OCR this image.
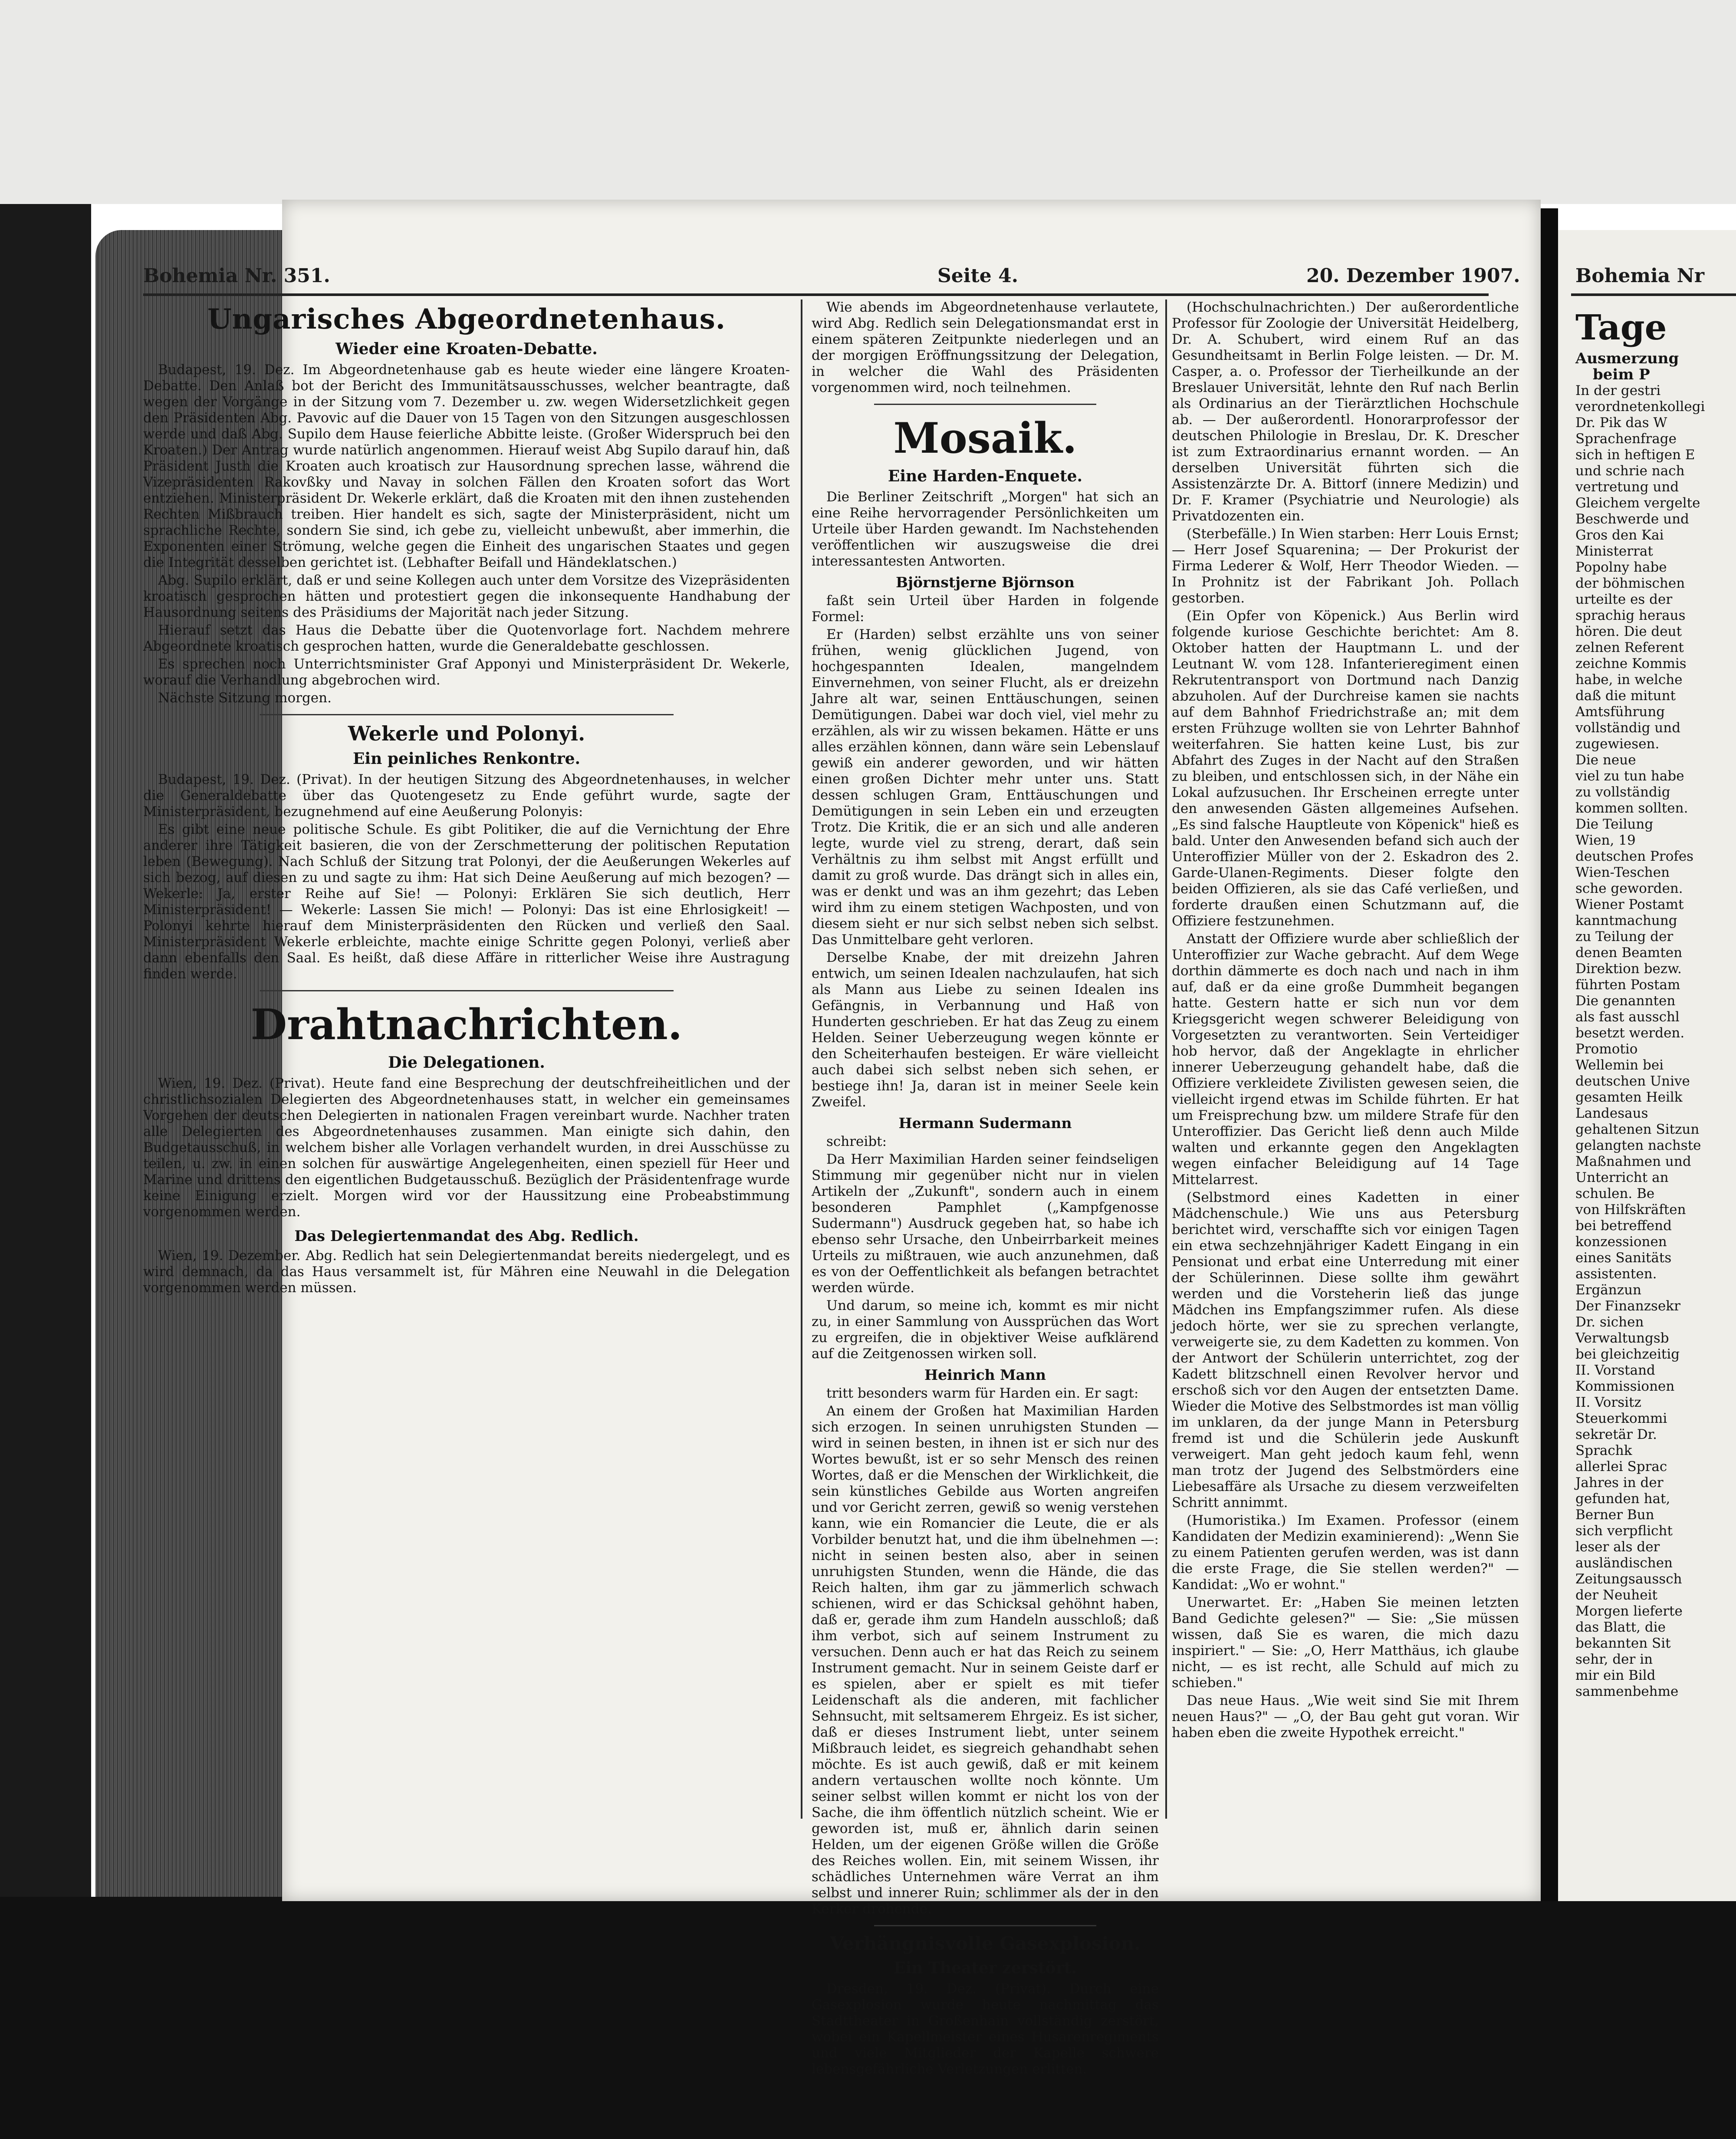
Bohemia Nr. 351.	Seite 4.	20. Dezember 1907.
Ungarisches Abgeordnetenhaus.
Wieder eine Kroaten-Debatte.

Budapest, 19. Dez. Im Abgeordnetenhause gab es heute wieder eine längere Kroaten-Debatte. Den Anlaß bot der Bericht des Immunitätsausschusses, welcher beantragte, daß wegen der Vorgänge in der Sitzung vom 7. Dezember u. zw. wegen Widersetzlichkeit gegen den Präsidenten Abg. Pavovic auf die Dauer von 15 Tagen von den Sitzungen ausgeschlossen werde und daß Abg. Supilo dem Hause feierliche Abbitte leiste. (Großer Widerspruch bei den Kroaten.) Der Antrag wurde natürlich angenommen. Hierauf weist Abg Supilo darauf hin, daß Präsident Justh die Kroaten auch kroatisch zur Hausordnung sprechen lasse, während die Vizepräsidenten Rakovßky und Navay in solchen Fällen den Kroaten sofort das Wort entziehen. Ministerpräsident Dr. Wekerle erklärt, daß die Kroaten mit den ihnen zustehenden Rechten Mißbrauch treiben. Hier handelt es sich, sagte der Ministerpräsident, nicht um sprachliche Rechte, sondern Sie sind, ich gebe zu, vielleicht unbewußt, aber immerhin, die Exponenten einer Strömung, welche gegen die Einheit des ungarischen Staates und gegen die Integrität desselben gerichtet ist. (Lebhafter Beifall und Händeklatschen.)

Abg. Supilo erklärt, daß er und seine Kollegen auch unter dem Vorsitze des Vizepräsidenten kroatisch gesprochen hätten und protestiert gegen die inkonsequente Handhabung der Hausordnung seitens des Präsidiums der Majorität nach jeder Sitzung.

Hierauf setzt das Haus die Debatte über die Quotenvorlage fort. Nachdem mehrere Abgeordnete kroatisch gesprochen hatten, wurde die Generaldebatte geschlossen.

Es sprechen noch Unterrichtsminister Graf Apponyi und Ministerpräsident Dr. Wekerle, worauf die Verhandlung abgebrochen wird.

Nächste Sitzung morgen.

Wekerle und Polonyi.
Ein peinliches Renkontre.

Budapest, 19. Dez. (Privat). In der heutigen Sitzung des Abgeordnetenhauses, in welcher die Generaldebatte über das Quotengesetz zu Ende geführt wurde, sagte der Ministerpräsident, bezugnehmend auf eine Aeußerung Polonyis:

Es gibt eine neue politische Schule. Es gibt Politiker, die auf die Vernichtung der Ehre anderer ihre Tätigkeit basieren, die von der Zerschmetterung der politischen Reputation leben (Bewegung). Nach Schluß der Sitzung trat Polonyi, der die Aeußerungen Wekerles auf sich bezog, auf diesen zu und sagte zu ihm: Hat sich Deine Aeußerung auf mich bezogen? — Wekerle: Ja, erster Reihe auf Sie! — Polonyi: Erklären Sie sich deutlich, Herr Ministerpräsident! — Wekerle: Lassen Sie mich! — Polonyi: Das ist eine Ehrlosigkeit! — Polonyi kehrte hierauf dem Ministerpräsidenten den Rücken und verließ den Saal. Ministerpräsident Wekerle erbleichte, machte einige Schritte gegen Polonyi, verließ aber dann ebenfalls den Saal. Es heißt, daß diese Affäre in ritterlicher Weise ihre Austragung finden werde.

Drahtnachrichten.
Die Delegationen.

Wien, 19. Dez. (Privat). Heute fand eine Besprechung der deutschfreiheitlichen und der christlichsozialen Delegierten des Abgeordnetenhauses statt, in welcher ein gemeinsames Vorgehen der deutschen Delegierten in nationalen Fragen vereinbart wurde. Nachher traten alle Delegierten des Abgeordnetenhauses zusammen. Man einigte sich dahin, den Budgetausschuß, in welchem bisher alle Vorlagen verhandelt wurden, in drei Ausschüsse zu teilen, u. zw. in einen solchen für auswärtige Angelegenheiten, einen speziell für Heer und Marine und drittens den eigentlichen Budgetausschuß. Bezüglich der Präsidentenfrage wurde keine Einigung erzielt. Morgen wird vor der Haussitzung eine Probeabstimmung vorgenommen werden.

Das Delegiertenmandat des Abg. Redlich.

Wien, 19. Dezember. Abg. Redlich hat sein Delegiertenmandat bereits niedergelegt, und es wird demnach, da das Haus versammelt ist, für Mähren eine Neuwahl in die Delegation vorgenommen werden müssen.

Wie abends im Abgeordnetenhause verlautete, wird Abg. Redlich sein Delegationsmandat erst in einem späteren Zeitpunkte niederlegen und an der morgigen Eröffnungssitzung der Delegation, in welcher die Wahl des Präsidenten vorgenommen wird, noch teilnehmen.

Mosaik.
Eine Harden-Enquete.

Die Berliner Zeitschrift „Morgen" hat sich an eine Reihe hervorragender Persönlichkeiten um Urteile über Harden gewandt. Im Nachstehenden veröffentlichen wir auszugsweise die drei interessantesten Antworten.

Björnstjerne Björnson

faßt sein Urteil über Harden in folgende Formel:

Er (Harden) selbst erzählte uns von seiner frühen, wenig glücklichen Jugend, von hochgespannten Idealen, mangelndem Einvernehmen, von seiner Flucht, als er dreizehn Jahre alt war, seinen Enttäuschungen, seinen Demütigungen. Dabei war doch viel, viel mehr zu erzählen, als wir zu wissen bekamen. Hätte er uns alles erzählen können, dann wäre sein Lebenslauf gewiß ein anderer geworden, und wir hätten einen großen Dichter mehr unter uns. Statt dessen schlugen Gram, Enttäuschungen und Demütigungen in sein Leben ein und erzeugten Trotz. Die Kritik, die er an sich und alle anderen legte, wurde viel zu streng, derart, daß sein Verhältnis zu ihm selbst mit Angst erfüllt und damit zu groß wurde. Das drängt sich in alles ein, was er denkt und was an ihm gezehrt; das Leben wird ihm zu einem stetigen Wachposten, und von diesem sieht er nur sich selbst neben sich selbst. Das Unmittelbare geht verloren.

Derselbe Knabe, der mit dreizehn Jahren entwich, um seinen Idealen nachzulaufen, hat sich als Mann aus Liebe zu seinen Idealen ins Gefängnis, in Verbannung und Haß von Hunderten geschrieben. Er hat das Zeug zu einem Helden. Seiner Ueberzeugung wegen könnte er den Scheiterhaufen besteigen. Er wäre vielleicht auch dabei sich selbst neben sich sehen, er bestiege ihn! Ja, daran ist in meiner Seele kein Zweifel.

Hermann Sudermann

schreibt:

Da Herr Maximilian Harden seiner feindseligen Stimmung mir gegenüber nicht nur in vielen Artikeln der „Zukunft", sondern auch in einem besonderen Pamphlet („Kampfgenosse Sudermann") Ausdruck gegeben hat, so habe ich ebenso sehr Ursache, den Unbeirrbarkeit meines Urteils zu mißtrauen, wie auch anzunehmen, daß es von der Oeffentlichkeit als befangen betrachtet werden würde.

Und darum, so meine ich, kommt es mir nicht zu, in einer Sammlung von Aussprüchen das Wort zu ergreifen, die in objektiver Weise aufklärend auf die Zeitgenossen wirken soll.

Heinrich Mann

tritt besonders warm für Harden ein. Er sagt:

An einem der Großen hat Maximilian Harden sich erzogen. In seinen unruhigsten Stunden — wird in seinen besten, in ihnen ist er sich nur des Wortes bewußt, ist er so sehr Mensch des reinen Wortes, daß er die Menschen der Wirklichkeit, die sein künstliches Gebilde aus Worten angreifen und vor Gericht zerren, gewiß so wenig verstehen kann, wie ein Romancier die Leute, die er als Vorbilder benutzt hat, und die ihm übelnehmen —: nicht in seinen besten also, aber in seinen unruhigsten Stunden, wenn die Hände, die das Reich halten, ihm gar zu jämmerlich schwach schienen, wird er das Schicksal gehöhnt haben, daß er, gerade ihm zum Handeln ausschloß; daß ihm verbot, sich auf seinem Instrument zu versuchen. Denn auch er hat das Reich zu seinem Instrument gemacht. Nur in seinem Geiste darf er es spielen, aber er spielt es mit tiefer Leidenschaft als die anderen, mit fachlicher Sehnsucht, mit seltsamerem Ehrgeiz. Es ist sicher, daß er dieses Instrument liebt, unter seinem Mißbrauch leidet, es siegreich gehandhabt sehen möchte. Es ist auch gewiß, daß er mit keinem andern vertauschen wollte noch könnte. Um seiner selbst willen kommt er nicht los von der Sache, die ihm öffentlich nützlich scheint. Wie er geworden ist, muß er, ähnlich darin seinen Helden, um der eigenen Größe willen die Größe des Reiches wollen. Ein, mit seinem Wissen, ihr schädliches Unternehmen wäre Verrat an ihm selbst und innerer Ruin; schlimmer als der in den Kerker drohende.

Verhängnisvolle Gasexplosion.
Ein Theater zerstört.

Dresden, 19. Dez. (Privat). Durch eine Gasexplosion wurde heute nachmittag das Stadttheater in Großenhain vollständig zerstört, wobei ein Kapellmeister eines Husarenregiments und viele Mitglieder der Kapelle schwere lebensgefährliche Verletzungen erlitten.

(Hochschulnachrichten.) Der außerordentliche Professor für Zoologie der Universität Heidelberg, Dr. A. Schubert, wird einem Ruf an das Gesundheitsamt in Berlin Folge leisten. — Dr. M. Casper, a. o. Professor der Tierheilkunde an der Breslauer Universität, lehnte den Ruf nach Berlin als Ordinarius an der Tierärztlichen Hochschule ab. — Der außerordentl. Honorarprofessor der deutschen Philologie in Breslau, Dr. K. Drescher ist zum Extraordinarius ernannt worden. — An derselben Universität führten sich die Assistenzärzte Dr. A. Bittorf (innere Medizin) und Dr. F. Kramer (Psychiatrie und Neurologie) als Privatdozenten ein.

(Sterbefälle.) In Wien starben: Herr Louis Ernst; — Herr Josef Squarenina; — Der Prokurist der Firma Lederer & Wolf, Herr Theodor Wieden. — In Prohnitz ist der Fabrikant Joh. Pollach gestorben.

(Ein Opfer von Köpenick.) Aus Berlin wird folgende kuriose Geschichte berichtet: Am 8. Oktober hatten der Hauptmann L. und der Leutnant W. vom 128. Infanterieregiment einen Rekrutentransport von Dortmund nach Danzig abzuholen. Auf der Durchreise kamen sie nachts auf dem Bahnhof Friedrichstraße an; mit dem ersten Frühzuge wollten sie von Lehrter Bahnhof weiterfahren. Sie hatten keine Lust, bis zur Abfahrt des Zuges in der Nacht auf den Straßen zu bleiben, und entschlossen sich, in der Nähe ein Lokal aufzusuchen. Ihr Erscheinen erregte unter den anwesenden Gästen allgemeines Aufsehen. „Es sind falsche Hauptleute von Köpenick" hieß es bald. Unter den Anwesenden befand sich auch der Unteroffizier Müller von der 2. Eskadron des 2. Garde-Ulanen-Regiments. Dieser folgte den beiden Offizieren, als sie das Café verließen, und forderte draußen einen Schutzmann auf, die Offiziere festzunehmen.

Anstatt der Offiziere wurde aber schließlich der Unteroffizier zur Wache gebracht. Auf dem Wege dorthin dämmerte es doch nach und nach in ihm auf, daß er da eine große Dummheit begangen hatte. Gestern hatte er sich nun vor dem Kriegsgericht wegen schwerer Beleidigung von Vorgesetzten zu verantworten. Sein Verteidiger hob hervor, daß der Angeklagte in ehrlicher innerer Ueberzeugung gehandelt habe, daß die Offiziere verkleidete Zivilisten gewesen seien, die vielleicht irgend etwas im Schilde führten. Er hat um Freisprechung bzw. um mildere Strafe für den Unteroffizier. Das Gericht ließ denn auch Milde walten und erkannte gegen den Angeklagten wegen einfacher Beleidigung auf 14 Tage Mittelarrest.

(Selbstmord eines Kadetten in einer Mädchenschule.) Wie uns aus Petersburg berichtet wird, verschaffte sich vor einigen Tagen ein etwa sechzehnjähriger Kadett Eingang in ein Pensionat und erbat eine Unterredung mit einer der Schülerinnen. Diese sollte ihm gewährt werden und die Vorsteherin ließ das junge Mädchen ins Empfangszimmer rufen. Als diese jedoch hörte, wer sie zu sprechen verlangte, verweigerte sie, zu dem Kadetten zu kommen. Von der Antwort der Schülerin unterrichtet, zog der Kadett blitzschnell einen Revolver hervor und erschoß sich vor den Augen der entsetzten Dame. Wieder die Motive des Selbstmordes ist man völlig im unklaren, da der junge Mann in Petersburg fremd ist und die Schülerin jede Auskunft verweigert. Man geht jedoch kaum fehl, wenn man trotz der Jugend des Selbstmörders eine Liebesaffäre als Ursache zu diesem verzweifelten Schritt annimmt.

(Humoristika.) Im Examen. Professor (einem Kandidaten der Medizin examinierend): „Wenn Sie zu einem Patienten gerufen werden, was ist dann die erste Frage, die Sie stellen werden?" — Kandidat: „Wo er wohnt."

Unerwartet. Er: „Haben Sie meinen letzten Band Gedichte gelesen?" — Sie: „Sie müssen wissen, daß Sie es waren, die mich dazu inspiriert." — Sie: „O, Herr Matthäus, ich glaube nicht, — es ist recht, alle Schuld auf mich zu schieben."

Das neue Haus. „Wie weit sind Sie mit Ihrem neuen Haus?" — „O, der Bau geht gut voran. Wir haben eben die zweite Hypothek erreicht."

Bohemia Nr
Tage
Ausmerzung
beim P

In der gestri

verordnetenkollegi

Dr. Pik das W

Sprachenfrage

sich in heftigen E

und schrie nach

vertretung und

Gleichem vergelte

Beschwerde und

Gros den Kai

Ministerrat

Popolny habe

der böhmischen

urteilte es der

sprachig heraus

hören. Die deut

zelnen Referent

zeichne Kommis

habe, in welche

daß die mitunt

Amtsführung

vollständig und

zugewiesen.

Die neue

viel zu tun habe

zu vollständig

kommen sollten.

Die Teilung

Wien, 19

deutschen Profes

Wien-Teschen

sche geworden.

Wiener Postamt

kanntmachung

zu Teilung der

denen Beamten

Direktion bezw.

führten Postam

Die genannten

als fast ausschl

besetzt werden.

Promotio

Wellemin bei

deutschen Unive

gesamten Heilk

Landesaus

gehaltenen Sitzun

gelangten nachste

Maßnahmen und

Unterricht an

schulen. Be

von Hilfskräften

bei betreffend

konzessionen

eines Sanitäts

assistenten.

Ergänzun

Der Finanzsekr

Dr. sichen

Verwaltungsb

bei gleichzeitig

II. Vorstand

Kommissionen

II. Vorsitz

Steuerkommi

sekretär Dr.

Sprachk

allerlei Sprac

Jahres in der

gefunden hat,

Berner Bun

sich verpflicht

leser als der

ausländischen

Zeitungsaussch

der Neuheit

Morgen lieferte

das Blatt, die

bekannten Sit

sehr, der in

mir ein Bild

sammenbehme
